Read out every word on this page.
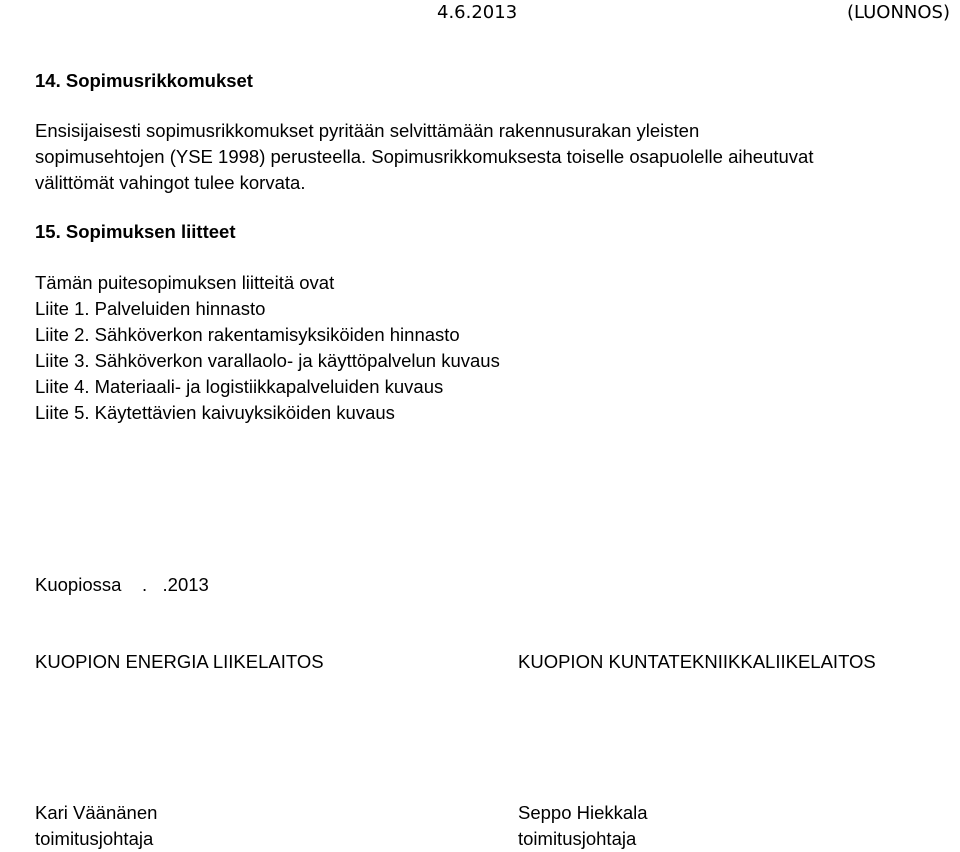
4.6.2013	(LUONNOS)
14. Sopimusrikkomukset
Ensisijaisesti sopimusrikkomukset pyritään selvittämään rakennusurakan yleisten
sopimusehtojen (YSE 1998) perusteella. Sopimusrikkomuksesta toiselle osapuolelle aiheutuvat
välittömät vahingot tulee korvata.
15. Sopimuksen liitteet
Tämän puitesopimuksen liitteitä ovat
Liite 1. Palveluiden hinnasto
Liite 2. Sähköverkon rakentamisyksiköiden hinnasto
Liite 3. Sähköverkon varallaolo- ja käyttöpalvelun kuvaus
Liite 4. Materiaali- ja logistiikkapalveluiden kuvaus
Liite 5. Käytettävien kaivuyksiköiden kuvaus
Kuopiossa    .   .2013
KUOPION ENERGIA LIIKELAITOS	KUOPION KUNTATEKNIIKKALIIKELAITOS
Kari Väänänen
toimitusjohtaja
Seppo Hiekkala
toimitusjohtaja
